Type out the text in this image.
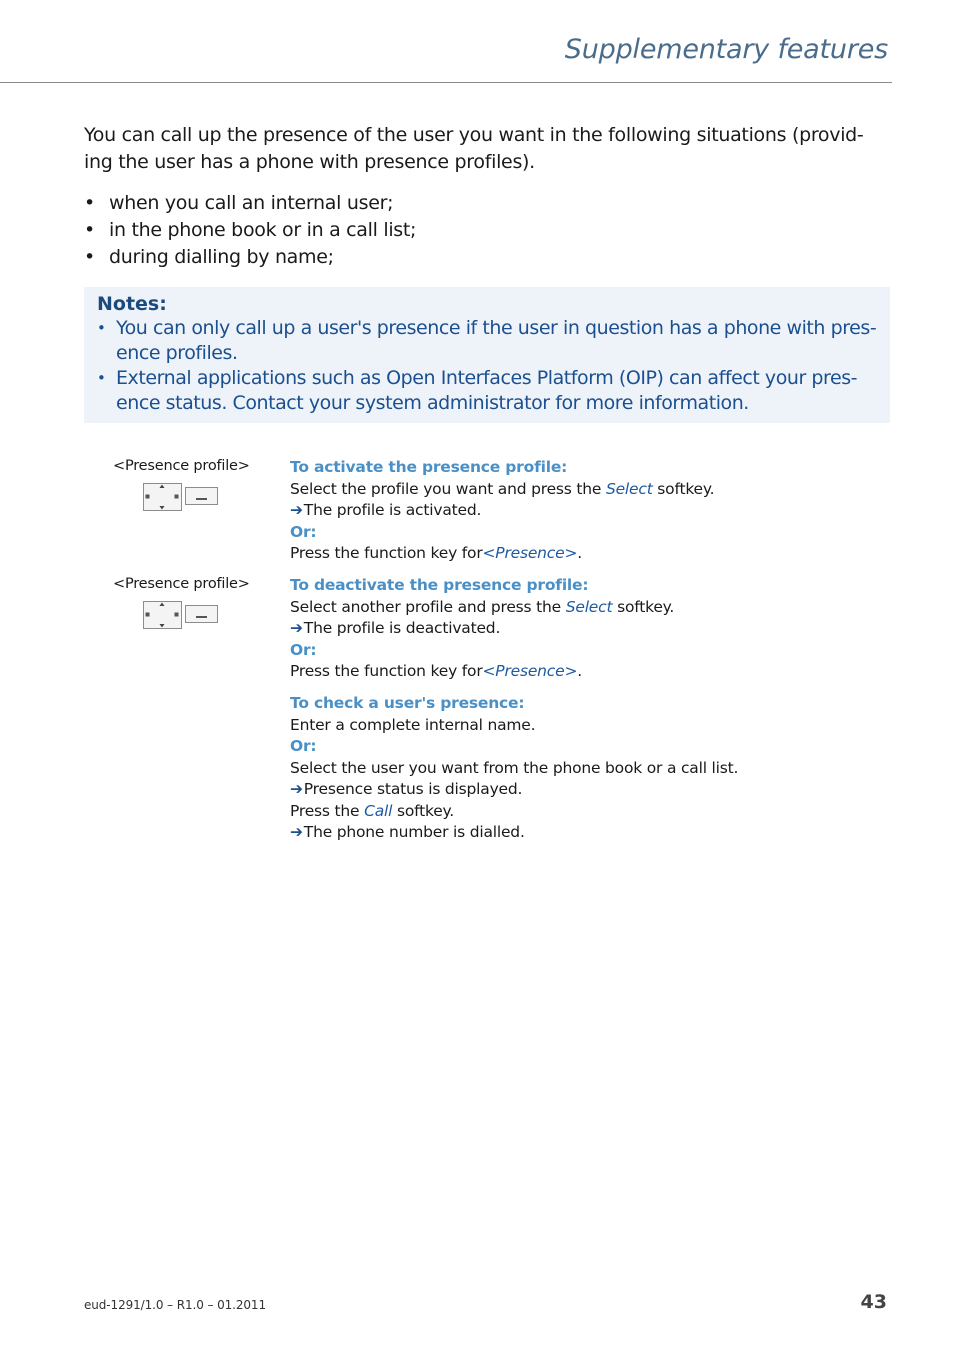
Supplementary features
You can call up the presence of the user you want in the following situations (provid-
ing the user has a phone with presence profiles).
• when you call an internal user;
• in the phone book or in a call list;
• during dialling by name;
Notes:
• You can only call up a user's presence if the user in question has a phone with pres-
ence profiles.
• External applications such as Open Interfaces Platform (OIP) can affect your pres-
ence status. Contact your system administrator for more information.
<Presence profile>	To activate the presence profile:
Select the profile you want and press the Select softkey.
➔The profile is activated.
Or:
Press the function key for<Presence>.
<Presence profile>	To deactivate the presence profile:
Select another profile and press the Select softkey.
➔The profile is deactivated.
Or:
Press the function key for<Presence>.
To check a user's presence:
Enter a complete internal name.
Or:
Select the user you want from the phone book or a call list.
➔Presence status is displayed.
Press the Call softkey.
➔The phone number is dialled.
eud-1291/1.0 – R1.0 – 01.2011	43
